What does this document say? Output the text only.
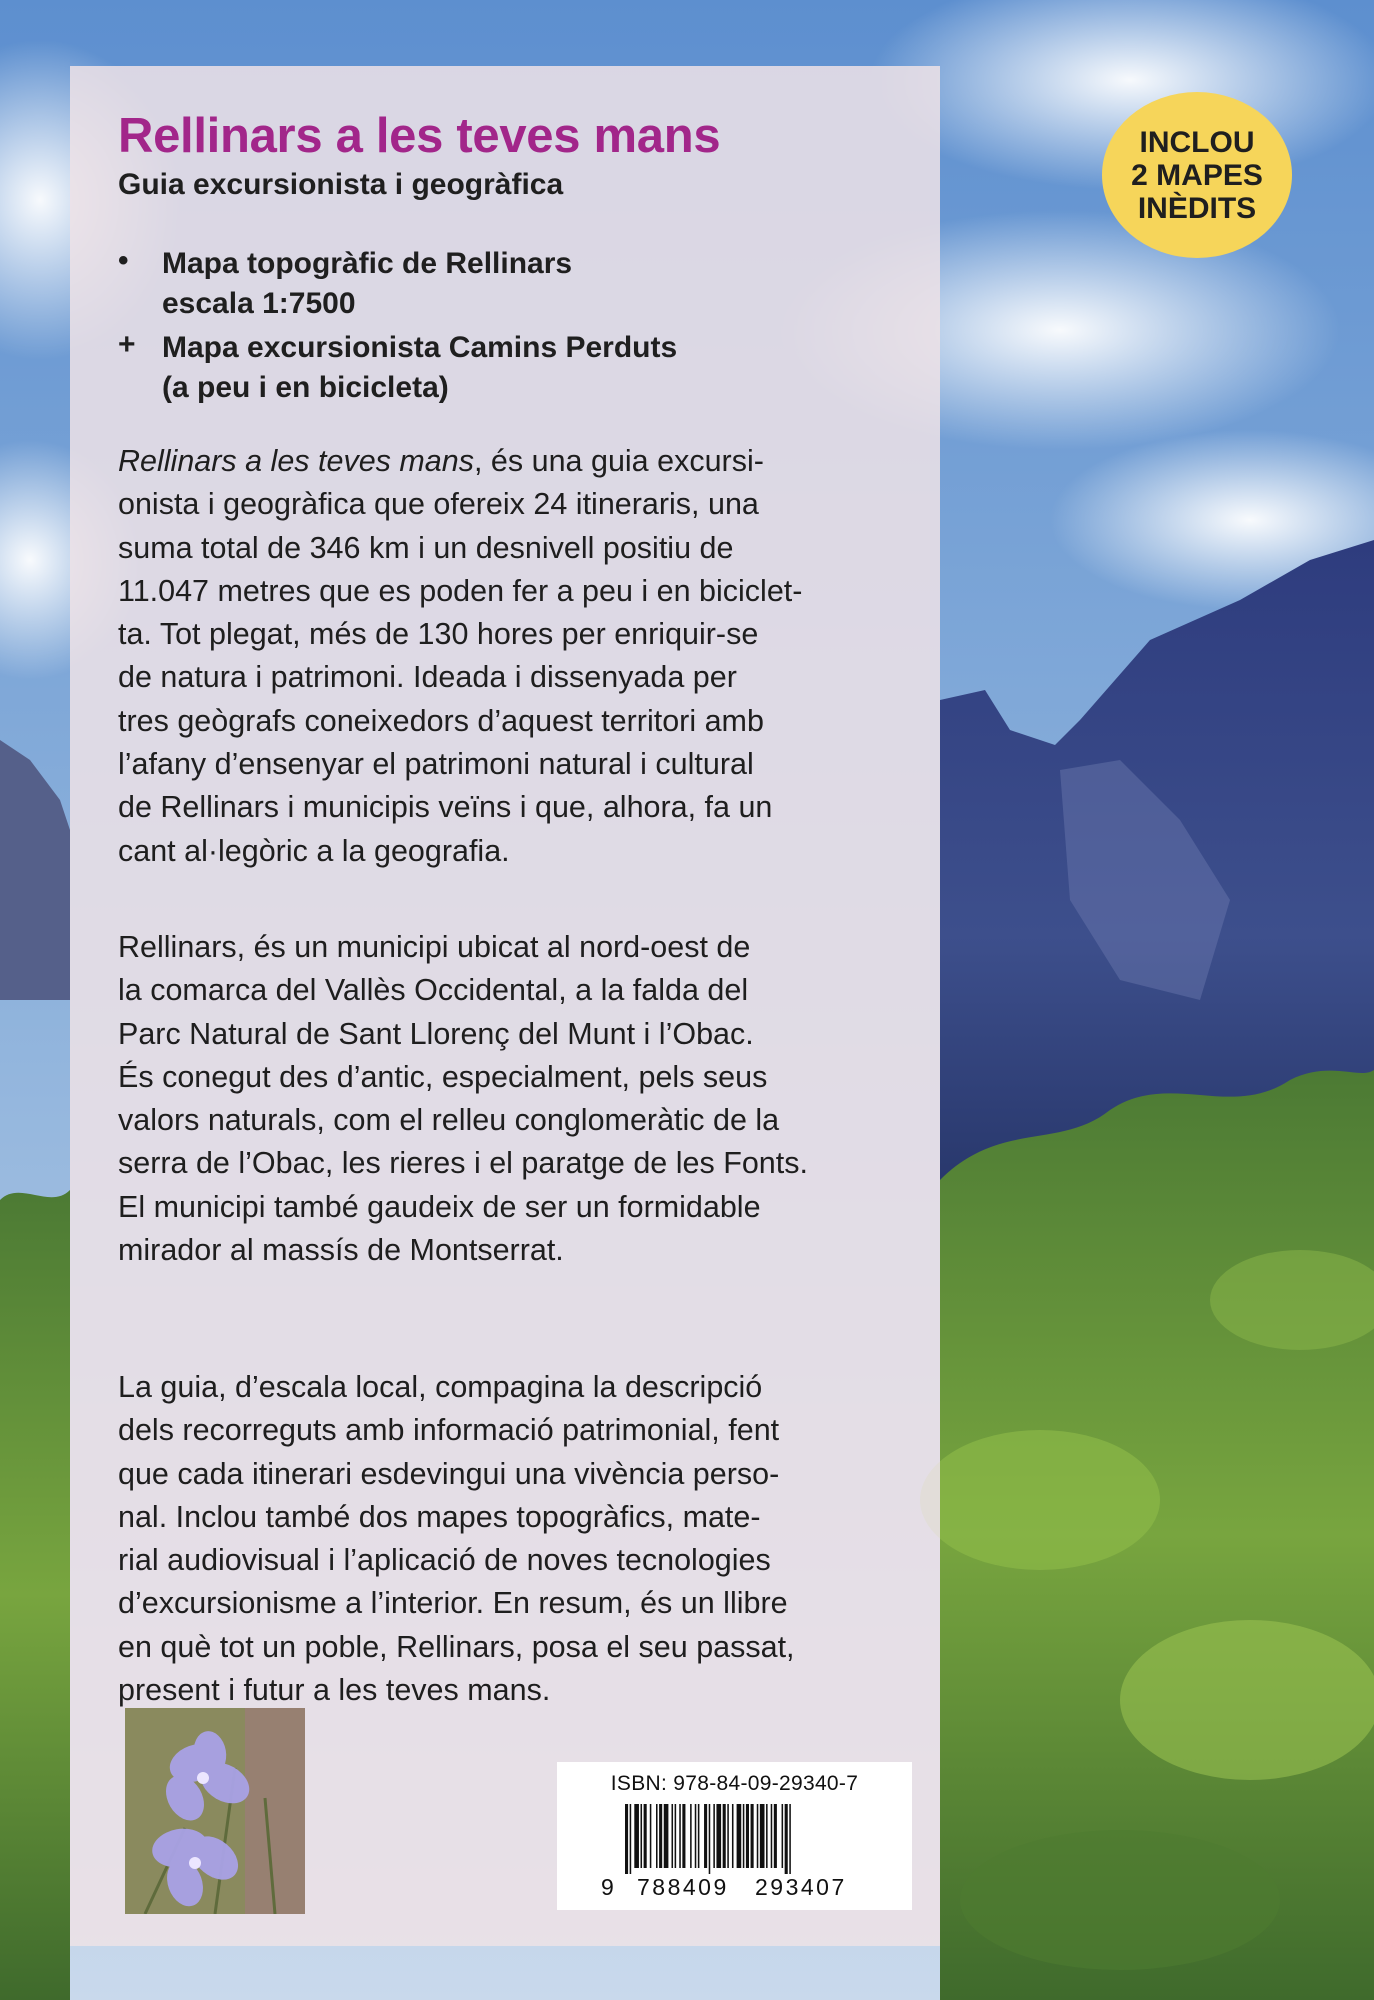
Rellinars a les teves mans
Guia excursionista i geogràfica
• Mapa topogràfic de Rellinars
escala 1:7500
+ Mapa excursionista Camins Perduts
(a peu i en bicicleta)
Rellinars a les teves mans, és una guia excursi-
onista i geogràfica que ofereix 24 itineraris, una
suma total de 346 km i un desnivell positiu de
11.047 metres que es poden fer a peu i en biciclet-
ta. Tot plegat, més de 130 hores per enriquir-se
de natura i patrimoni. Ideada i dissenyada per
tres geògrafs coneixedors d’aquest territori amb
l’afany d’ensenyar el patrimoni natural i cultural
de Rellinars i municipis veïns i que, alhora, fa un
cant al·legòric a la geografia.
Rellinars, és un municipi ubicat al nord-oest de
la comarca del Vallès Occidental, a la falda del
Parc Natural de Sant Llorenç del Munt i l’Obac.
És conegut des d’antic, especialment, pels seus
valors naturals, com el relleu conglomeràtic de la
serra de l’Obac, les rieres i el paratge de les Fonts.
El municipi també gaudeix de ser un formidable
mirador al massís de Montserrat.
La guia, d’escala local, compagina la descripció
dels recorreguts amb informació patrimonial, fent
que cada itinerari esdevingui una vivència perso-
nal. Inclou també dos mapes topogràfics, mate-
rial audiovisual i l’aplicació de noves tecnologies
d’excursionisme a l’interior. En resum, és un llibre
en què tot un poble, Rellinars, posa el seu passat,
present i futur a les teves mans.
ISBN: 978-84-09-29340-7
9 788409 293407
INCLOU
2 MAPES
INÈDITS
